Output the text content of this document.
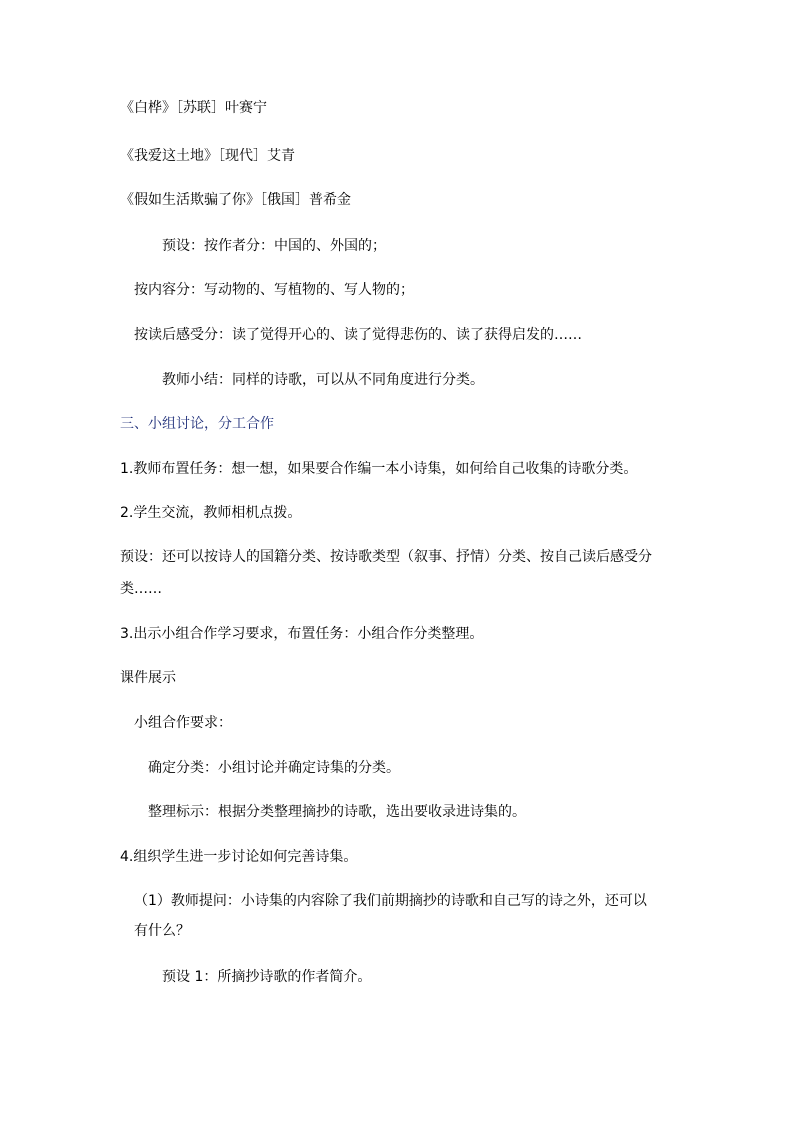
《白桦》［苏联］叶赛宁
《我爱这土地》［现代］艾青
《假如生活欺骗了你》［俄国］普希金
预设：按作者分：中国的、外国的；
按内容分：写动物的、写植物的、写人物的；
按读后感受分：读了觉得开心的、读了觉得悲伤的、读了获得启发的……
教师小结：同样的诗歌，可以从不同角度进行分类。
三、小组讨论，分工合作
1.教师布置任务：想一想，如果要合作编一本小诗集，如何给自己收集的诗歌分类。
2.学生交流，教师相机点拨。
预设：还可以按诗人的国籍分类、按诗歌类型（叙事、抒情）分类、按自己读后感受分
类……
3.出示小组合作学习要求，布置任务：小组合作分类整理。
课件展示
小组合作要求：
确定分类：小组讨论并确定诗集的分类。
整理标示：根据分类整理摘抄的诗歌，选出要收录进诗集的。
4.组织学生进一步讨论如何完善诗集。
（1）教师提问：小诗集的内容除了我们前期摘抄的诗歌和自己写的诗之外，还可以
有什么？
预设 1：所摘抄诗歌的作者简介。
